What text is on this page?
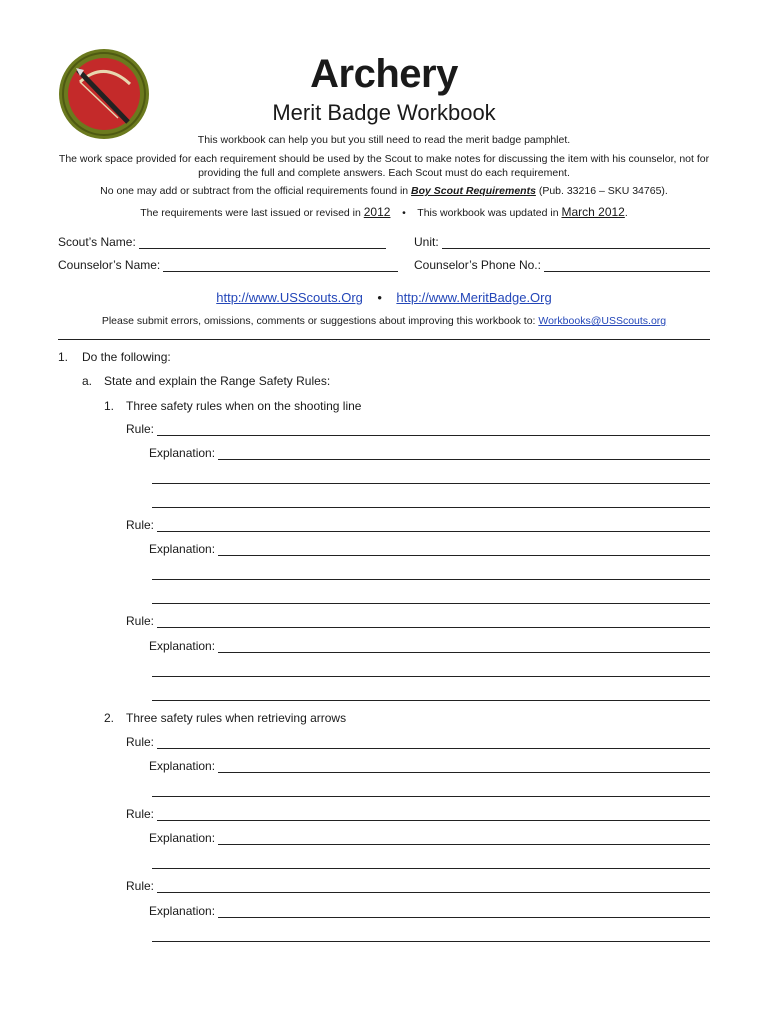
Archery
Merit Badge Workbook
This workbook can help you but you still need to read the merit badge pamphlet.
The work space provided for each requirement should be used by the Scout to make notes for discussing the item with his counselor, not for
providing the full and complete answers. Each Scout must do each requirement.
No one may add or subtract from the official requirements found in Boy Scout Requirements (Pub. 33216 – SKU 34765).
The requirements were last issued or revised in 2012 • This workbook was updated in March 2012.
Scout’s Name:	Unit:
Counselor’s Name:	Counselor’s Phone No.:
http://www.USScouts.Org • http://www.MeritBadge.Org
Please submit errors, omissions, comments or suggestions about improving this workbook to: Workbooks@USScouts.org
1. Do the following:
a. State and explain the Range Safety Rules:
1. Three safety rules when on the shooting line
2. Three safety rules when retrieving arrows
Rule:
Explanation:
Rule:
Explanation:
Rule:
Explanation:
Rule:
Explanation:
Rule:
Explanation:
Rule:
Explanation:
